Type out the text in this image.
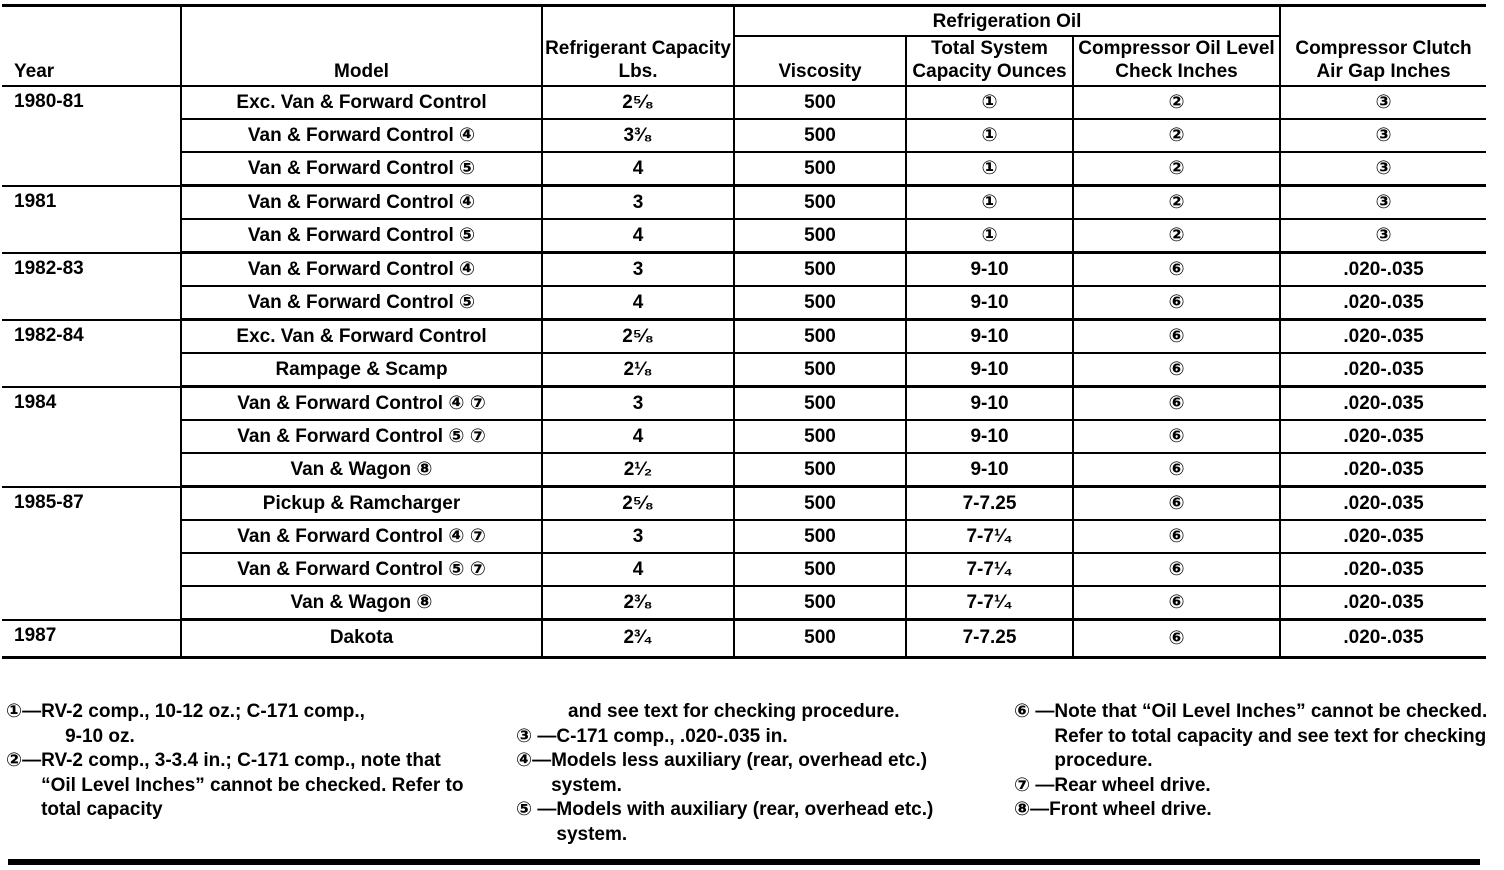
Year	Model	Refrigerant Capacity Lbs.	Refrigeration Oil			Compressor Clutch Air Gap Inches
			Viscosity	Total System Capacity Ounces	Compressor Oil Level Check Inches	
1980-81	Exc. Van & Forward Control	2⁵⁄₈	500	①	②	③
	Van & Forward Control ④	3³⁄₈	500	①	②	③
	Van & Forward Control ⑤	4	500	①	②	③
1981	Van & Forward Control ④	3	500	①	②	③
	Van & Forward Control ⑤	4	500	①	②	③
1982-83	Van & Forward Control ④	3	500	9-10	⑥	.020-.035
	Van & Forward Control ⑤	4	500	9-10	⑥	.020-.035
1982-84	Exc. Van & Forward Control	2⁵⁄₈	500	9-10	⑥	.020-.035
	Rampage & Scamp	2¹⁄₈	500	9-10	⑥	.020-.035
1984	Van & Forward Control ④ ⑦	3	500	9-10	⑥	.020-.035
	Van & Forward Control ⑤ ⑦	4	500	9-10	⑥	.020-.035
	Van & Wagon ⑧	2¹⁄₂	500	9-10	⑥	.020-.035
1985-87	Pickup & Ramcharger	2⁵⁄₈	500	7-7.25	⑥	.020-.035
	Van & Forward Control ④ ⑦	3	500	7-7¹⁄₄	⑥	.020-.035
	Van & Forward Control ⑤ ⑦	4	500	7-7¹⁄₄	⑥	.020-.035
	Van & Wagon ⑧	2³⁄₈	500	7-7¹⁄₄	⑥	.020-.035
1987	Dakota	2³⁄₄	500	7-7.25	⑥	.020-.035
①— RV-2 comp., 10-12 oz.; C-171 comp.,
9-10 oz.
②— RV-2 comp., 3-3.4 in.; C-171 comp., note that “Oil Level Inches” cannot be checked. Refer to total capacity
and see text for checking procedure.
③ — C-171 comp., .020-.035 in.
④— Models less auxiliary (rear, overhead etc.) system.
⑤ — Models with auxiliary (rear, overhead etc.) system.
⑥ — Note that “Oil Level Inches” cannot be checked. Refer to total capacity and see text for checking procedure.
⑦ — Rear wheel drive.
⑧— Front wheel drive.
